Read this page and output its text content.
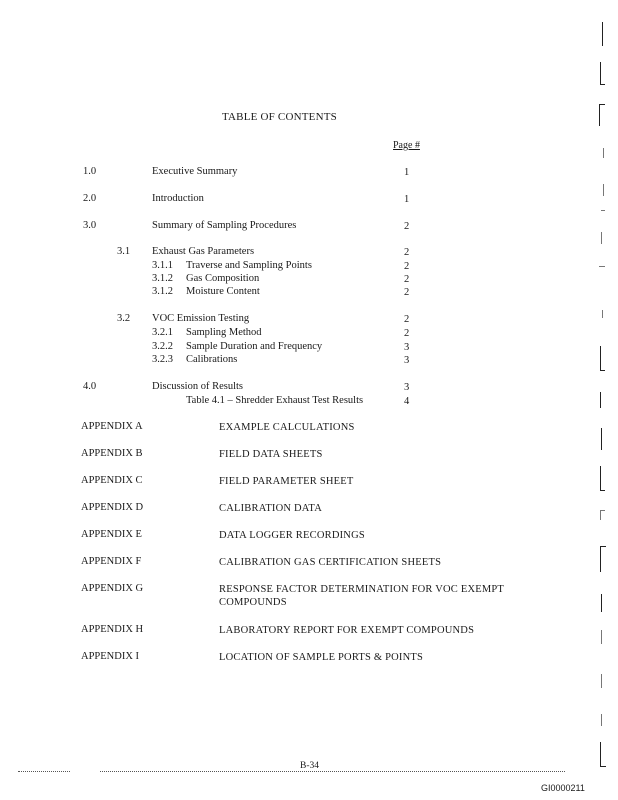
TABLE OF CONTENTS
Page #
1.0	Executive Summary	1
2.0	Introduction	1
3.0	Summary of Sampling Procedures	2
3.1 Exhaust Gas Parameters	2
3.1.1 Traverse and Sampling Points	2
3.1.2 Gas Composition	2
3.1.2 Moisture Content	2
3.2 VOC Emission Testing	2
3.2.1 Sampling Method	2
3.2.2 Sample Duration and Frequency	3
3.2.3 Calibrations	3
4.0	Discussion of Results	3
Table 4.1 – Shredder Exhaust Test Results	4
APPENDIX A	EXAMPLE CALCULATIONS
APPENDIX B	FIELD DATA SHEETS
APPENDIX C	FIELD PARAMETER SHEET
APPENDIX D	CALIBRATION DATA
APPENDIX E	DATA LOGGER RECORDINGS
APPENDIX F	CALIBRATION GAS CERTIFICATION SHEETS
APPENDIX G	RESPONSE FACTOR DETERMINATION FOR VOC EXEMPT
COMPOUNDS
APPENDIX H	LABORATORY REPORT FOR EXEMPT COMPOUNDS
APPENDIX I	LOCATION OF SAMPLE PORTS & POINTS
B-34
GI0000211
